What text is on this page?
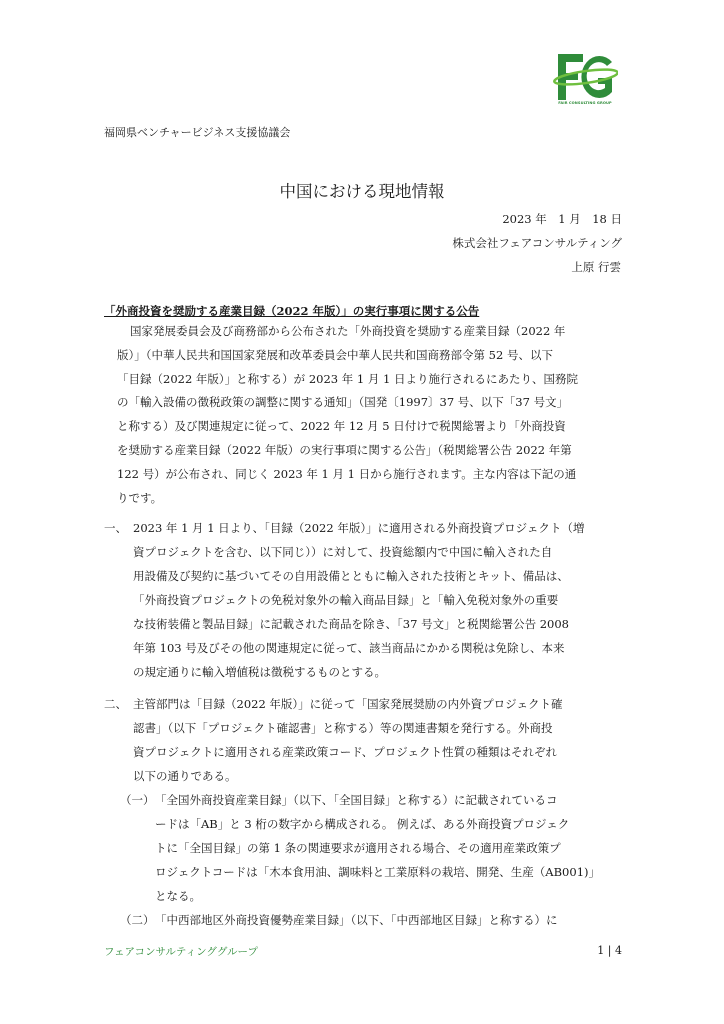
FAIR CONSULTING GROUP
福岡県ベンチャービジネス支援協議会
中国における現地情報
2023 年　1 月　18 日
株式会社フェアコンサルティング
上原 行雲
「外商投資を奨励する産業目録（2022 年版）」の実行事項に関する公告
国家発展委員会及び商務部から公布された「外商投資を奨励する産業目録（2022 年
版）」（中華人民共和国国家発展和改革委員会中華人民共和国商務部令第 52 号、以下
「目録（2022 年版）」と称する）が 2023 年 1 月 1 日より施行されるにあたり、国務院
の「輸入設備の徴税政策の調整に関する通知」（国発〔1997〕37 号、以下「37 号文」
と称する）及び関連規定に従って、2022 年 12 月 5 日付けで税関総署より「外商投資
を奨励する産業目録（2022 年版）の実行事項に関する公告」（税関総署公告 2022 年第
122 号）が公布され、同じく 2023 年 1 月 1 日から施行されます。主な内容は下記の通
りです。
一、 2023 年 1 月 1 日より、「目録（2022 年版）」に適用される外商投資プロジェクト（増
資プロジェクトを含む、以下同じ））に対して、投資総額内で中国に輸入された自
用設備及び契約に基づいてその自用設備とともに輸入された技術とキット、備品は、
「外商投資プロジェクトの免税対象外の輸入商品目録」と「輸入免税対象外の重要
な技術装備と製品目録」に記載された商品を除き、「37 号文」と税関総署公告 2008
年第 103 号及びその他の関連規定に従って、該当商品にかかる関税は免除し、本来
の規定通りに輸入増値税は徴税するものとする。
二、 主管部門は「目録（2022 年版）」に従って「国家発展奨励の内外資プロジェクト確
認書」（以下「プロジェクト確認書」と称する）等の関連書類を発行する。外商投
資プロジェクトに適用される産業政策コード、プロジェクト性質の種類はそれぞれ
以下の通りである。
（一） 「全国外商投資産業目録」（以下、「全国目録」と称する）に記載されているコ
ードは「AB」と 3 桁の数字から構成される。 例えば、ある外商投資プロジェク
トに「全国目録」の第 1 条の関連要求が適用される場合、その適用産業政策プ
ロジェクトコードは「木本食用油、調味料と工業原料の栽培、開発、生産（AB001)」
となる。
（二） 「中西部地区外商投資優勢産業目録」（以下、「中西部地区目録」と称する）に
フェアコンサルティンググループ	1 | 4
